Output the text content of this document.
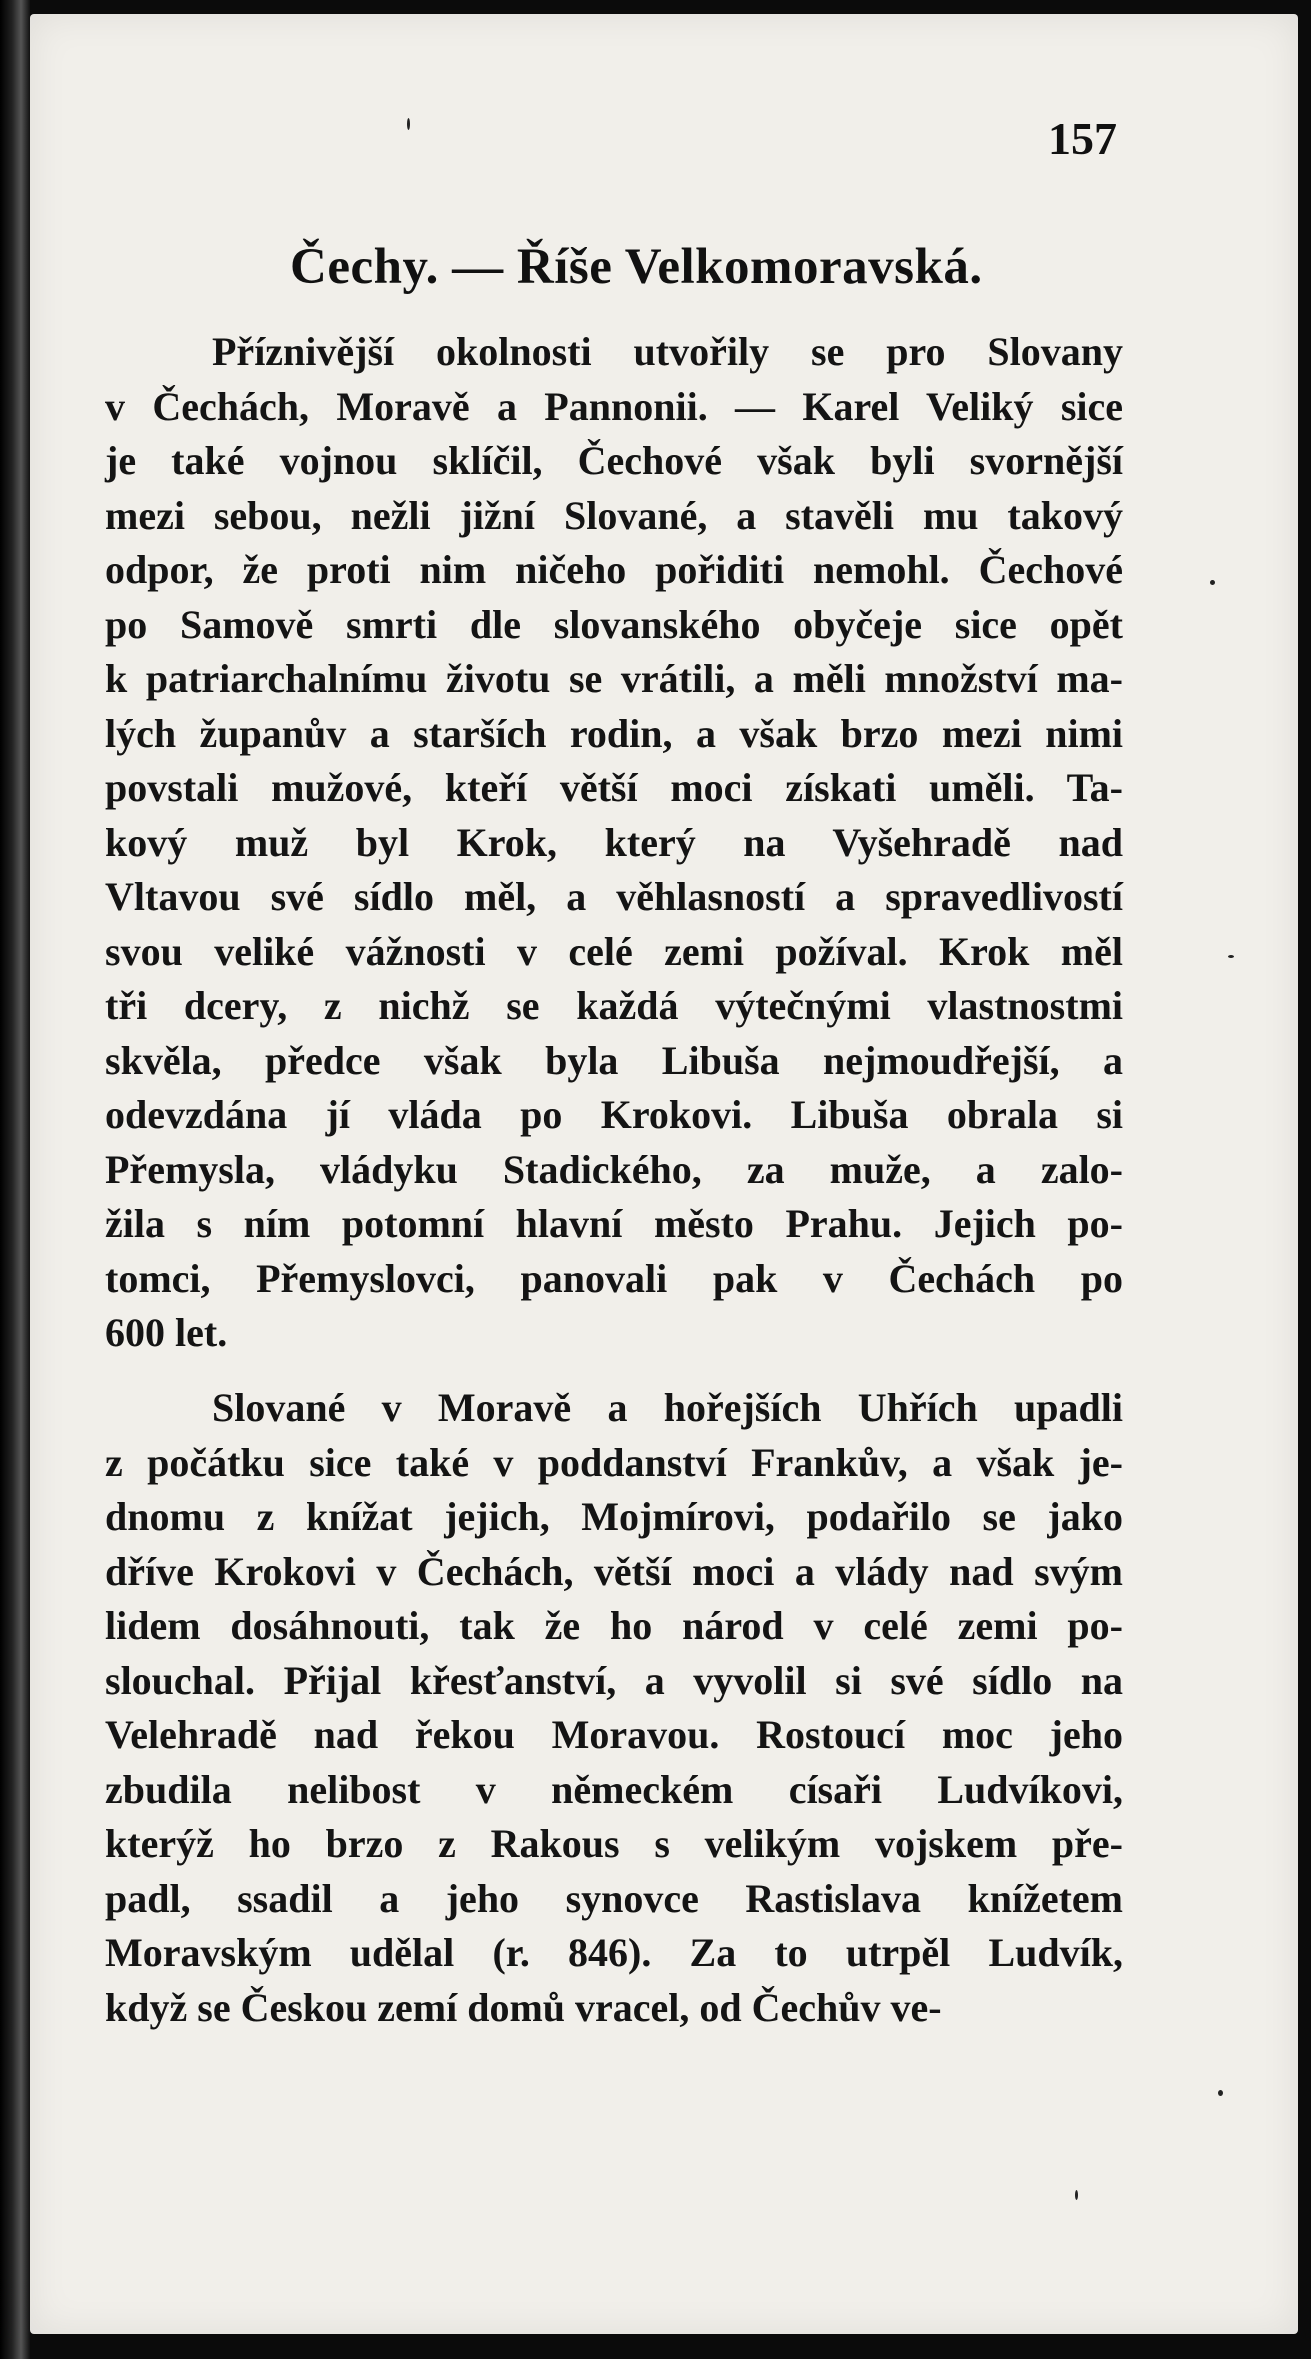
157
Čechy. — Říše Velkomoravská.
Příznivější okolnosti utvořily se pro Slovany
v Čechách, Moravě a Pannonii. — Karel Veliký sice
je také vojnou sklíčil, Čechové však byli svornější
mezi sebou, nežli jižní Slované, a stavěli mu takový
odpor, že proti nim ničeho pořiditi nemohl. Čechové
po Samově smrti dle slovanského obyčeje sice opět
k patriarchalnímu životu se vrátili, a měli množství ma-
lých županův a starších rodin, a však brzo mezi nimi
povstali mužové, kteří větší moci získati uměli. Ta-
kový muž byl Krok, který na Vyšehradě nad
Vltavou své sídlo měl, a věhlasností a spravedlivostí
svou veliké vážnosti v celé zemi požíval. Krok měl
tři dcery, z nichž se každá výtečnými vlastnostmi
skvěla, předce však byla Libuša nejmoudřejší, a
odevzdána jí vláda po Krokovi. Libuša obrala si
Přemysla, vládyku Stadického, za muže, a zalo-
žila s ním potomní hlavní město Prahu. Jejich po-
tomci, Přemyslovci, panovali pak v Čechách po
600 let.
Slované v Moravě a hořejších Uhřích upadli
z počátku sice také v poddanství Frankův, a však je-
dnomu z knížat jejich, Mojmírovi, podařilo se jako
dříve Krokovi v Čechách, větší moci a vlády nad svým
lidem dosáhnouti, tak že ho národ v celé zemi po-
slouchal. Přijal křesťanství, a vyvolil si své sídlo na
Velehradě nad řekou Moravou. Rostoucí moc jeho
zbudila nelibost v německém císaři Ludvíkovi,
kterýž ho brzo z Rakous s velikým vojskem pře-
padl, ssadil a jeho synovce Rastislava knížetem
Moravským udělal (r. 846). Za to utrpěl Ludvík,
když se Českou zemí domů vracel, od Čechův ve-
